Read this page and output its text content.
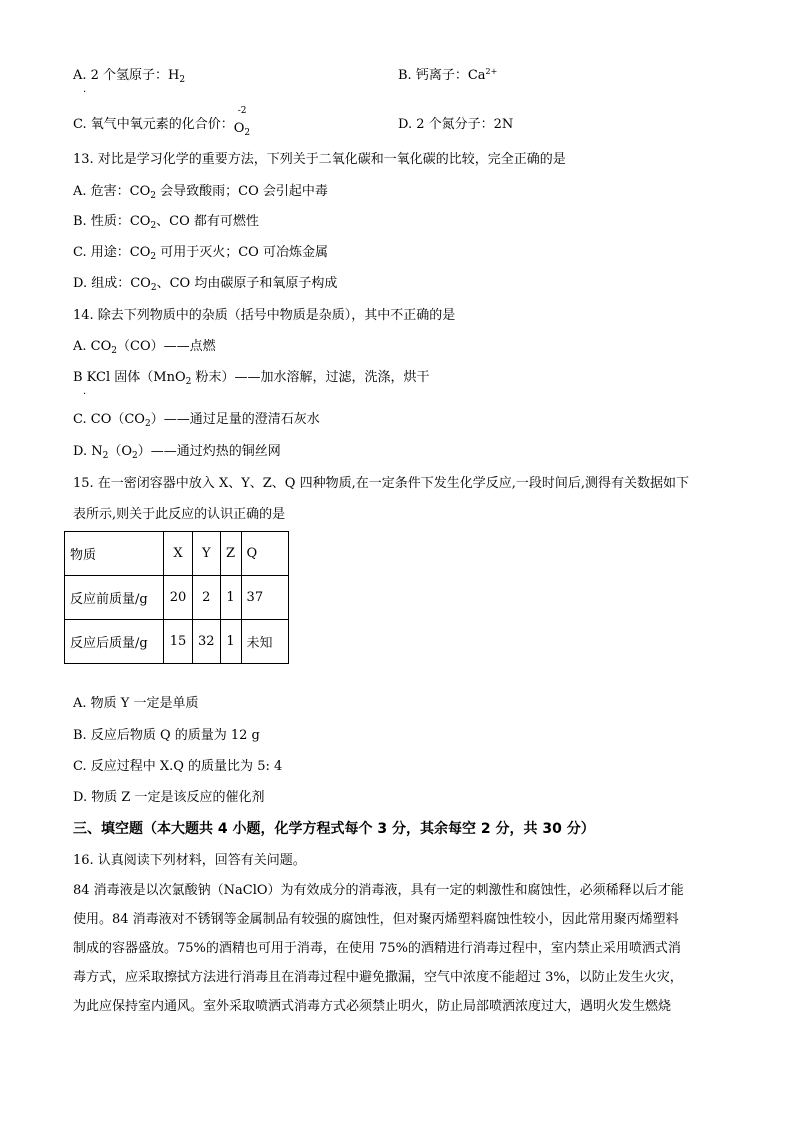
A. 2 个氢原子：$H_2$
·
B. 钙离子：$Ca^{2+}$
C. 氧气中氧元素的化合价：
-2
$O_2$
D. 2 个氮分子：2N
13. 对比是学习化学的重要方法，下列关于二氧化碳和一氧化碳的比较，完全正确的是
A. 危害：$CO_2$ 会导致酸雨；CO 会引起中毒
B. 性质：$CO_2$、CO 都有可燃性
C. 用途：$CO_2$ 可用于灭火；CO 可冶炼金属
D. 组成：$CO_2$、CO 均由碳原子和氧原子构成
14. 除去下列物质中的杂质（括号中物质是杂质），其中不正确的是
A. $CO_2(CO)——$点燃
B KCl 固体（MnO$_2$ 粉末）——加水溶解，过滤，洗涤，烘干
·
C. $CO(CO_2)——$通过足量的澄清石灰水
D. $N_2(O_2)——$通过灼热的铜丝网
15. 在一密闭容器中放入 X、Y、Z、Q 四种物质,在一定条件下发生化学反应,一段时间后,测得有关数据如下
表所示,则关于此反应的认识正确的是
物质	X	Y	Z	Q
反应前质量/g	20	2	1	37
反应后质量/g	15	32	1	未知
A. 物质 Y 一定是单质
B. 反应后物质 Q 的质量为 12 g
C. 反应过程中 X.Q 的质量比为 5: 4
D. 物质 Z 一定是该反应的催化剂
三、填空题（本大题共 4 小题，化学方程式每个 3 分，其余每空 2 分，共 30 分）
16. 认真阅读下列材料，回答有关问题。
84 消毒液是以次氯酸钠（NaClO）为有效成分的消毒液，具有一定的刺激性和腐蚀性，必须稀释以后才能
使用。84 消毒液对不锈钢等金属制品有较强的腐蚀性，但对聚丙烯塑料腐蚀性较小，因此常用聚丙烯塑料
制成的容器盛放。75%的酒精也可用于消毒，在使用 75%的酒精进行消毒过程中，室内禁止采用喷洒式消
毒方式，应采取擦拭方法进行消毒且在消毒过程中避免撒漏，空气中浓度不能超过 3%，以防止发生火灾，
为此应保持室内通风。室外采取喷洒式消毒方式必须禁止明火，防止局部喷洒浓度过大，遇明火发生燃烧
